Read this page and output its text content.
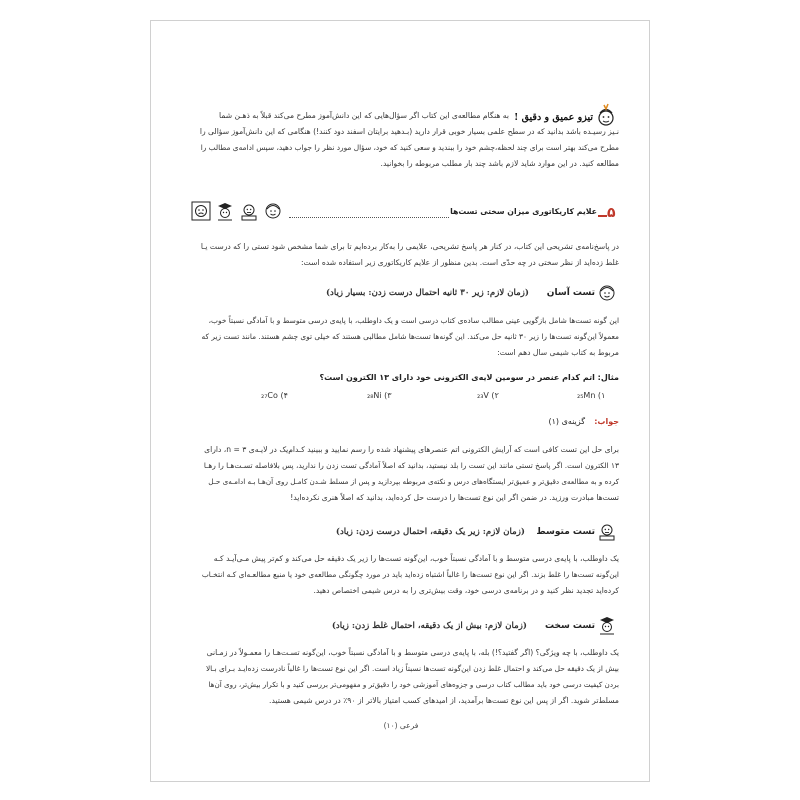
تیزو عمیق و دقیق !
به هنگام مطالعه‌ی این کتاب اگر سؤال‌هایی که این دانش‌آموز مطرح می‌کند قبلاً به ذهـن شما
نـیز رسیـده باشد بدانید که در سطح علمی بسیار خوبی قرار دارید (بـدهید برایتان اسفند دود کنند!) هنگامی که این دانش‌آموز سؤالی را
مطرح می‌کند بهتر است برای چند لحظه،چشم خود را ببندید و سعی کنید که خود، سؤال مورد نظر را جواب دهید، سپس ادامه‌ی مطالب را
مطالعه کنید. در این موارد شاید لازم باشد چند بار مطلب مربوطه را بخوانید.
۵
علایم کاریکاتوری میزان سختی تست‌ها
در پاسخ‌نامه‌ی تشریحی این کتاب، در کنار هر پاسخ تشریحی، علایمی را به‌کار برده‌ایم تا برای شما مشخص شود تستی را که درست یـا
غلط زده‌اید از نظر سختی در چه حدّی است. بدین منظور از علایم کاریکاتوری زیر استفاده شده است:
تست آسان
(زمان لازم: زیر ۳۰ ثانیه احتمال درست زدن: بسیار زیاد)
این گونه تست‌ها شامل بازگویی عینی مطالب ساده‌ی کتاب درسی است و یک داوطلب، با پایه‌ی درسی متوسط و با آمادگی نسبتاً خوب،
معمولاً این‌گونه تست‌ها را زیر ۳۰ ثانیه حل می‌کند. این گونه‌ها تست‌ها شامل مطالبی هستند که خیلی توی چشم هستند. مانند تست زیر که
مربوط به کتاب شیمی سال دهم است:
مثال: اتم کدام عنصر در سومین لایه‌ی الکترونی خود دارای ۱۳ الکترون است؟
۱) ₂₅Mn
۲) ₂₃V
۳) ₂₈Ni
۴) ₂₇Co
جواب:
گزینه‌ی (۱)
برای حل این تست کافی است که آرایش الکترونی اتم عنصرهای پیشنهاد شده را رسم نمایید و ببینید کـدام‌یک در لایـه‌ی ۳ = n، دارای
۱۳ الکترون است. اگر پاسخ تستی مانند این تست را بلد نیستید، بدانید که اصلاً آمادگی تست زدن را ندارید، پس بلافاصله تسـت‌هـا را رهـا
کرده و به مطالعه‌ی دقیق‌تر و عمیق‌تر ایستگاه‌های درس و نکته‌ی مربوطه بپردازید و پس از مسلط شـدن کامـل روی آن‌هـا بـه ادامـه‌ی حـل
تست‌ها مبادرت ورزید. در ضمن اگر این نوع تست‌ها را درست حل کرده‌اید، بدانید که اصلاً هنری نکرده‌اید!
تست متوسط
(زمان لازم: زیر یک دقیقه، احتمال درست زدن: زیاد)
یک داوطلب، با پایه‌ی درسی متوسط و با آمادگی نسبتاً خوب، این‌گونه تست‌ها را زیر یک دقیقه حل می‌کند و کم‌تر پیش مـی‌آیـد کـه
این‌گونه تست‌ها را غلط بزند. اگر این نوع تست‌ها را غالباً اشتباه زده‌اید باید در مورد چگونگی مطالعه‌ی خود یا منبع مطالعـه‌ای کـه انتخـاب
کرده‌اید تجدید نظر کنید و در برنامه‌ی درسی خود، وقت بیش‌تری را به درس شیمی اختصاص دهید.
تست سخت
(زمان لازم: بیش از یک دقیقه، احتمال غلط زدن: زیاد)
یک داوطلب، با چه ویژگی؟ (اگر گفتید؟!) بله، با پایه‌ی درسی متوسط و با آمادگی نسبتاً خوب، این‌گونه تسـت‌هـا را معمـولاً در زمـانی
بیش از یک دقیقه حل می‌کند و احتمال غلط زدن این‌گونه تست‌ها نسبتاً زیاد است. اگر این نوع تست‌ها را غالباً نادرست زده‌ایـد بـرای بـالا
بردن کیفیت درسی خود باید مطالب کتاب درسی و جزوه‌های آموزشی خود را دقیق‌تر و مفهومی‌تر بررسی کنید و با تکرار بیش‌تر، روی آن‌ها
مسلط‌تر شوید. اگر از پس این نوع تست‌ها برآمدید، از امیدهای کسب امتیاز بالاتر از ۹۰٪ در درس شیمی هستید.
فرعی (۱۰)
